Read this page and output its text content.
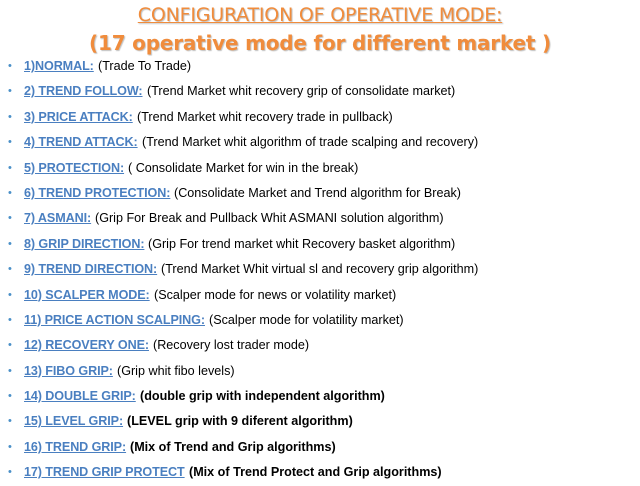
CONFIGURATION OF OPERATIVE MODE:
(17 operative mode for different market )
• 1)NORMAL: (Trade To Trade)
• 2) TREND FOLLOW: (Trend Market whit recovery grip of consolidate market)
• 3) PRICE ATTACK: (Trend Market whit recovery trade in pullback)
• 4) TREND ATTACK: (Trend Market whit algorithm of trade scalping and recovery)
• 5) PROTECTION: ( Consolidate Market for win in the break)
• 6) TREND PROTECTION: (Consolidate Market and Trend algorithm for Break)
• 7) ASMANI: (Grip For Break and Pullback Whit ASMANI solution algorithm)
• 8) GRIP DIRECTION: (Grip For trend market whit Recovery basket algorithm)
• 9) TREND DIRECTION: (Trend Market Whit virtual sl and recovery grip algorithm)
• 10) SCALPER MODE: (Scalper mode for news or volatility market)
• 11) PRICE ACTION SCALPING: (Scalper mode for volatility market)
• 12) RECOVERY ONE: (Recovery lost trader mode)
• 13) FIBO GRIP: (Grip whit fibo levels)
• 14) DOUBLE GRIP: (double grip with independent algorithm)
• 15) LEVEL GRIP: (LEVEL grip with 9 diferent algorithm)
• 16) TREND GRIP: (Mix of Trend and Grip algorithms)
• 17) TREND GRIP PROTECT (Mix of Trend Protect and Grip algorithms)
